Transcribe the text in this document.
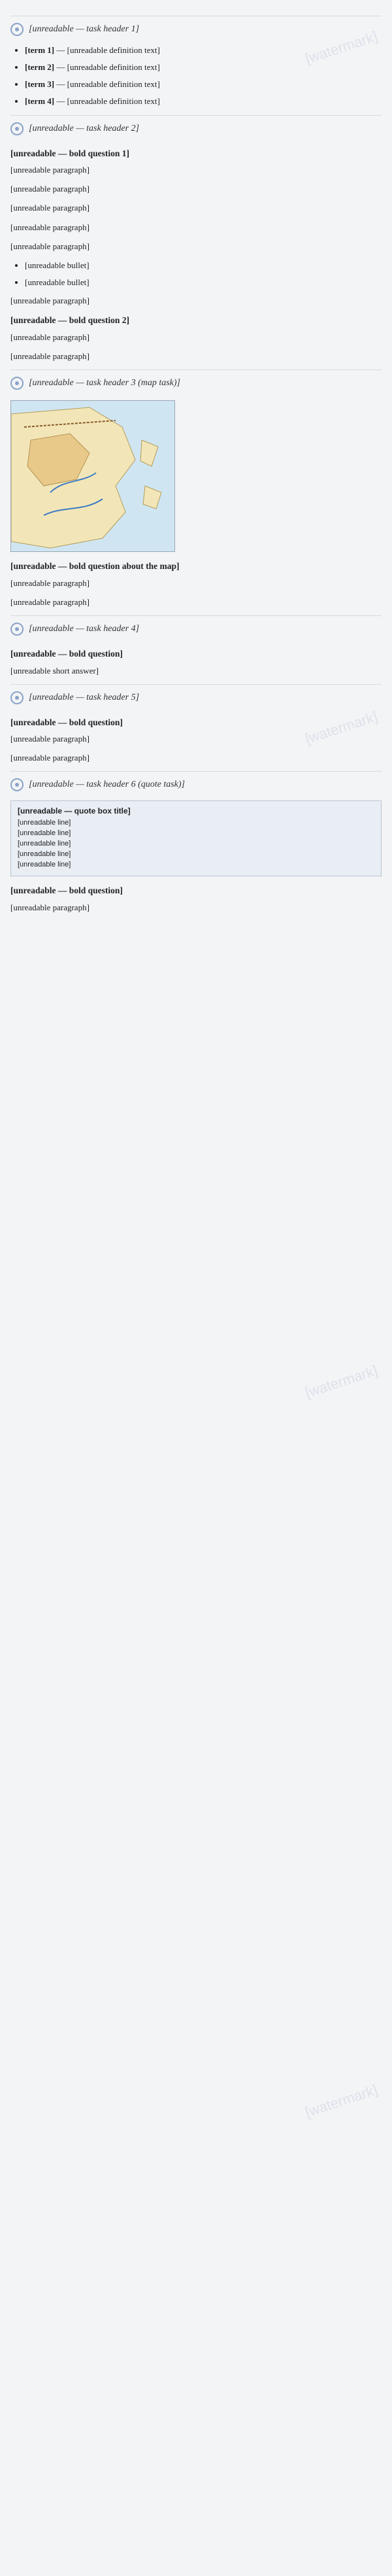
[watermark]
[watermark]
[watermark]
[watermark]
[unreadable — task header 1]
• [term 1] — [unreadable definition text]
• [term 2] — [unreadable definition text]
• [term 3] — [unreadable definition text]
• [term 4] — [unreadable definition text]
[unreadable — task header 2]
[unreadable — bold question 1]

[unreadable paragraph]

[unreadable paragraph]

[unreadable paragraph]

[unreadable paragraph]

[unreadable paragraph]

• [unreadable bullet]
• [unreadable bullet]

[unreadable paragraph]

[unreadable — bold question 2]

[unreadable paragraph]

[unreadable paragraph]

[unreadable — task header 3 (map task)]
[unreadable — bold question about the map]

[unreadable paragraph]

[unreadable paragraph]

[unreadable — task header 4]
[unreadable — bold question]

[unreadable short answer]

[unreadable — task header 5]
[unreadable — bold question]

[unreadable paragraph]

[unreadable paragraph]

[unreadable — task header 6 (quote task)]
[unreadable — quote box title]
[unreadable line]
[unreadable line]
[unreadable line]
[unreadable line]
[unreadable line]
[unreadable — bold question]

[unreadable paragraph]
